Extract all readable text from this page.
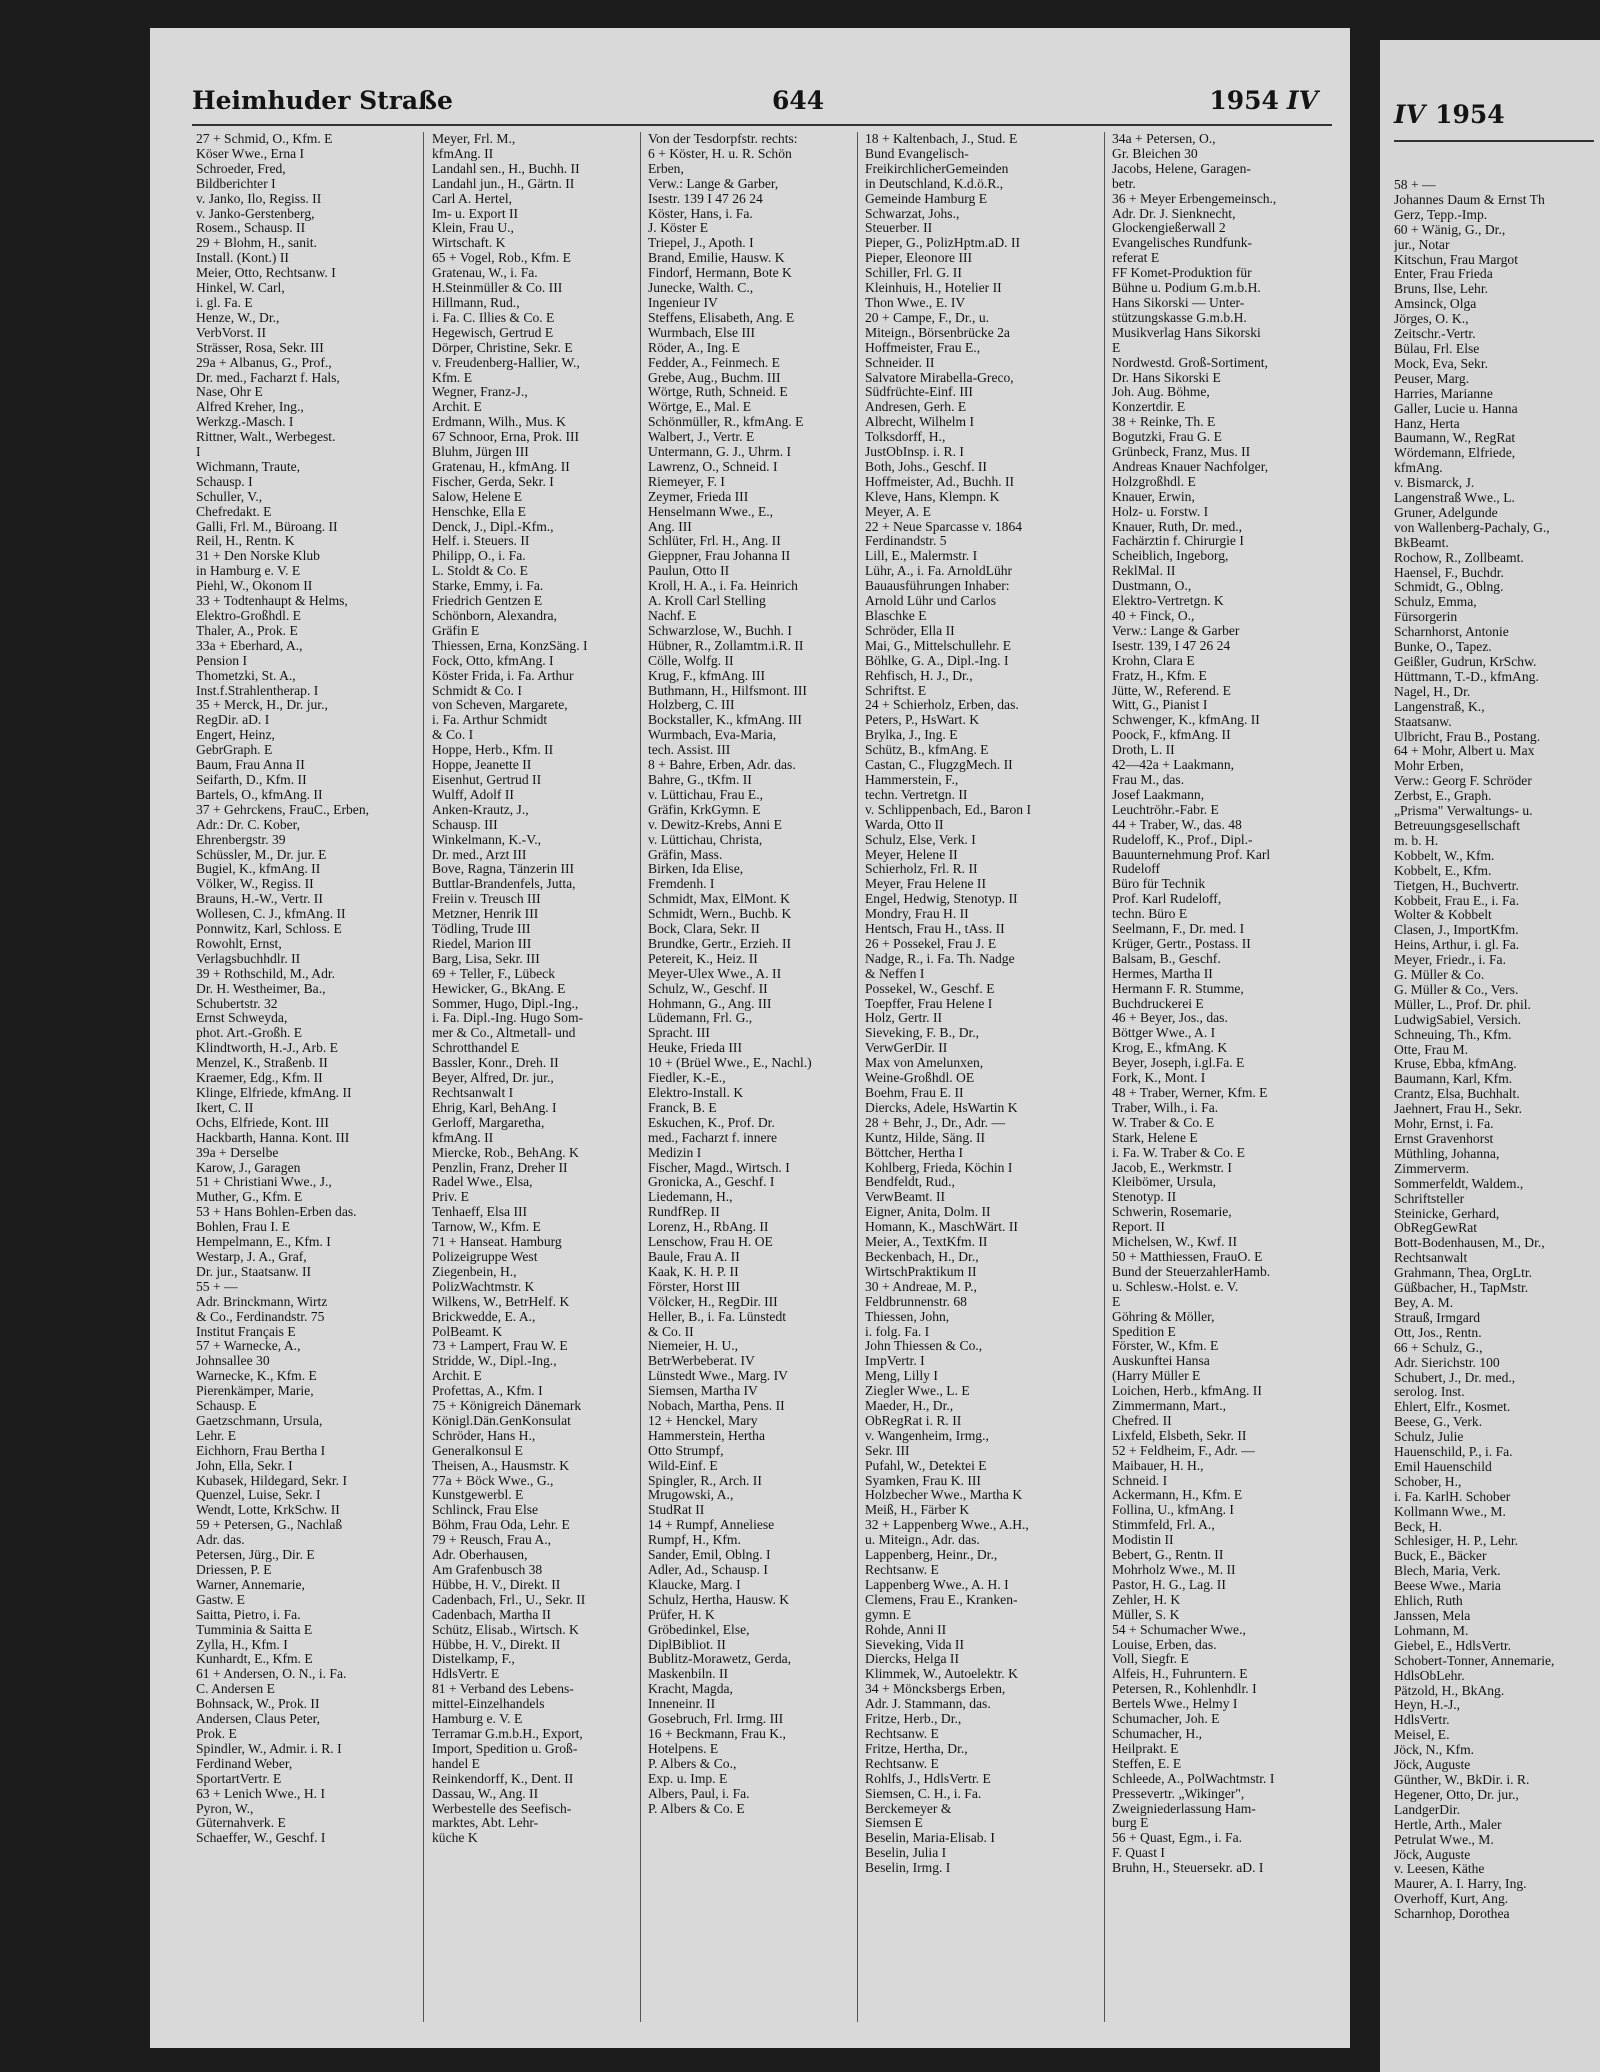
Heimhuder Straße	644	1954 IV
27 + Schmid, O., Kfm. E
Köser Wwe., Erna I
Schroeder, Fred,
Bildberichter I
v. Janko, Ilo, Regiss. II
v. Janko-Gerstenberg,
Rosem., Schausp. II
29 + Blohm, H., sanit.
Install. (Kont.) II
Meier, Otto, Rechtsanw. I
Hinkel, W. Carl,
i. gl. Fa. E
Henze, W., Dr.,
VerbVorst. II
Strässer, Rosa, Sekr. III
29a + Albanus, G., Prof.,
Dr. med., Facharzt f. Hals,
Nase, Ohr E
Alfred Kreher, Ing.,
Werkzg.-Masch. I
Rittner, Walt., Werbegest.
I
Wichmann, Traute,
Schausp. I
Schuller, V.,
Chefredakt. E
Galli, Frl. M., Büroang. II
Reil, H., Rentn. K
31 + Den Norske Klub
in Hamburg e. V. E
Piehl, W., Okonom II
33 + Todtenhaupt & Helms,
Elektro-Großhdl. E
Thaler, A., Prok. E
33a + Eberhard, A.,
Pension I
Thometzki, St. A.,
Inst.f.Strahlentherap. I
35 + Merck, H., Dr. jur.,
RegDir. aD. I
Engert, Heinz,
GebrGraph. E
Baum, Frau Anna II
Seifarth, D., Kfm. II
Bartels, O., kfmAng. II
37 + Gehrckens, FrauC., Erben,
Adr.: Dr. C. Kober,
Ehrenbergstr. 39
Schüssler, M., Dr. jur. E
Bugiel, K., kfmAng. II
Völker, W., Regiss. II
Brauns, H.-W., Vertr. II
Wollesen, C. J., kfmAng. II
Ponnwitz, Karl, Schloss. E
Rowohlt, Ernst,
Verlagsbuchhdlr. II
39 + Rothschild, M., Adr.
Dr. H. Westheimer, Ba.,
Schubertstr. 32
Ernst Schweyda,
phot. Art.-Großh. E
Klindtworth, H.-J., Arb. E
Menzel, K., Straßenb. II
Kraemer, Edg., Kfm. II
Klinge, Elfriede, kfmAng. II
Ikert, C. II
Ochs, Elfriede, Kont. III
Hackbarth, Hanna. Kont. III
39a + Derselbe
Karow, J., Garagen
51 + Christiani Wwe., J.,
Muther, G., Kfm. E
53 + Hans Bohlen-Erben das.
Bohlen, Frau I. E
Hempelmann, E., Kfm. I
Westarp, J. A., Graf,
Dr. jur., Staatsanw. II
55 + —
Adr. Brinckmann, Wirtz
& Co., Ferdinandstr. 75
Institut Français E
57 + Warnecke, A.,
Johnsallee 30
Warnecke, K., Kfm. E
Pierenkämper, Marie,
Schausp. E
Gaetzschmann, Ursula,
Lehr. E
Eichhorn, Frau Bertha I
John, Ella, Sekr. I
Kubasek, Hildegard, Sekr. I
Quenzel, Luise, Sekr. I
Wendt, Lotte, KrkSchw. II
59 + Petersen, G., Nachlaß
Adr. das.
Petersen, Jürg., Dir. E
Driessen, P. E
Warner, Annemarie,
Gastw. E
Saitta, Pietro, i. Fa.
Tumminia & Saitta E
Zylla, H., Kfm. I
Kunhardt, E., Kfm. E
61 + Andersen, O. N., i. Fa.
C. Andersen E
Bohnsack, W., Prok. II
Andersen, Claus Peter,
Prok. E
Spindler, W., Admir. i. R. I
Ferdinand Weber,
SportartVertr. E
63 + Lenich Wwe., H. I
Pyron, W.,
Güternahverk. E
Schaeffer, W., Geschf. I
Meyer, Frl. M.,
kfmAng. II
Landahl sen., H., Buchh. II
Landahl jun., H., Gärtn. II
Carl A. Hertel,
Im- u. Export II
Klein, Frau U.,
Wirtschaft. K
65 + Vogel, Rob., Kfm. E
Gratenau, W., i. Fa.
H.Steinmüller & Co. III
Hillmann, Rud.,
i. Fa. C. Illies & Co. E
Hegewisch, Gertrud E
Dörper, Christine, Sekr. E
v. Freudenberg-Hallier, W.,
Kfm. E
Wegner, Franz-J.,
Archit. E
Erdmann, Wilh., Mus. K
67 Schnoor, Erna, Prok. III
Bluhm, Jürgen III
Gratenau, H., kfmAng. II
Fischer, Gerda, Sekr. I
Salow, Helene E
Henschke, Ella E
Denck, J., Dipl.-Kfm.,
Helf. i. Steuers. II
Philipp, O., i. Fa.
L. Stoldt & Co. E
Starke, Emmy, i. Fa.
Friedrich Gentzen E
Schönborn, Alexandra,
Gräfin E
Thiessen, Erna, KonzSäng. I
Fock, Otto, kfmAng. I
Köster Frida, i. Fa. Arthur
Schmidt & Co. I
von Scheven, Margarete,
i. Fa. Arthur Schmidt
& Co. I
Hoppe, Herb., Kfm. II
Hoppe, Jeanette II
Eisenhut, Gertrud II
Wulff, Adolf II
Anken-Krautz, J.,
Schausp. III
Winkelmann, K.-V.,
Dr. med., Arzt III
Bove, Ragna, Tänzerin III
Buttlar-Brandenfels, Jutta,
Freiin v. Treusch III
Metzner, Henrik III
Tödling, Trude III
Riedel, Marion III
Barg, Lisa, Sekr. III
69 + Teller, F., Lübeck
Hewicker, G., BkAng. E
Sommer, Hugo, Dipl.-Ing.,
i. Fa. Dipl.-Ing. Hugo Som-
mer & Co., Altmetall- und
Schrotthandel E
Bassler, Konr., Dreh. II
Beyer, Alfred, Dr. jur.,
Rechtsanwalt I
Ehrig, Karl, BehAng. I
Gerloff, Margaretha,
kfmAng. II
Miercke, Rob., BehAng. K
Penzlin, Franz, Dreher II
Radel Wwe., Elsa,
Priv. E
Tenhaeff, Elsa III
Tarnow, W., Kfm. E
71 + Hanseat. Hamburg
Polizeigruppe West
Ziegenbein, H.,
PolizWachtmstr. K
Wilkens, W., BetrHelf. K
Brickwedde, E. A.,
PolBeamt. K
73 + Lampert, Frau W. E
Stridde, W., Dipl.-Ing.,
Archit. E
Profettas, A., Kfm. I
75 + Königreich Dänemark
Königl.Dän.GenKonsulat
Schröder, Hans H.,
Generalkonsul E
Theisen, A., Hausmstr. K
77a + Böck Wwe., G.,
Kunstgewerbl. E
Schlinck, Frau Else
Böhm, Frau Oda, Lehr. E
79 + Reusch, Frau A.,
Adr. Oberhausen,
Am Grafenbusch 38
Hübbe, H. V., Direkt. II
Cadenbach, Frl., U., Sekr. II
Cadenbach, Martha II
Schütz, Elisab., Wirtsch. K
Hübbe, H. V., Direkt. II
Distelkamp, F.,
HdlsVertr. E
81 + Verband des Lebens-
mittel-Einzelhandels
Hamburg e. V. E
Terramar G.m.b.H., Export,
Import, Spedition u. Groß-
handel E
Reinkendorff, K., Dent. II
Dassau, W., Ang. II
Werbestelle des Seefisch-
marktes, Abt. Lehr-
küche K
Von der Tesdorpfstr. rechts:
6 + Köster, H. u. R. Schön
Erben,
Verw.: Lange & Garber,
Isestr. 139 I 47 26 24
Köster, Hans, i. Fa.
J. Köster E
Triepel, J., Apoth. I
Brand, Emilie, Hausw. K
Findorf, Hermann, Bote K
Junecke, Walth. C.,
Ingenieur IV
Steffens, Elisabeth, Ang. E
Wurmbach, Else III
Röder, A., Ing. E
Fedder, A., Feinmech. E
Grebe, Aug., Buchm. III
Wörtge, Ruth, Schneid. E
Wörtge, E., Mal. E
Schönmüller, R., kfmAng. E
Walbert, J., Vertr. E
Untermann, G. J., Uhrm. I
Lawrenz, O., Schneid. I
Riemeyer, F. I
Zeymer, Frieda III
Henselmann Wwe., E.,
Ang. III
Schlüter, Frl. H., Ang. II
Gieppner, Frau Johanna II
Paulun, Otto II
Kroll, H. A., i. Fa. Heinrich
A. Kroll Carl Stelling
Nachf. E
Schwarzlose, W., Buchh. I
Hübner, R., Zollamtm.i.R. II
Cölle, Wolfg. II
Krug, F., kfmAng. III
Buthmann, H., Hilfsmont. III
Holzberg, C. III
Bockstaller, K., kfmAng. III
Wurmbach, Eva-Maria,
tech. Assist. III
8 + Bahre, Erben, Adr. das.
Bahre, G., tKfm. II
v. Lüttichau, Frau E.,
Gräfin, KrkGymn. E
v. Dewitz-Krebs, Anni E
v. Lüttichau, Christa,
Gräfin, Mass.
Birken, Ida Elise,
Fremdenh. I
Schmidt, Max, ElMont. K
Schmidt, Wern., Buchb. K
Bock, Clara, Sekr. II
Brundke, Gertr., Erzieh. II
Petereit, K., Heiz. II
Meyer-Ulex Wwe., A. II
Schulz, W., Geschf. II
Hohmann, G., Ang. III
Lüdemann, Frl. G.,
Spracht. III
Heuke, Frieda III
10 + (Brüel Wwe., E., Nachl.)
Fiedler, K.-E.,
Elektro-Install. K
Franck, B. E
Eskuchen, K., Prof. Dr.
med., Facharzt f. innere
Medizin I
Fischer, Magd., Wirtsch. I
Gronicka, A., Geschf. I
Liedemann, H.,
RundfRep. II
Lorenz, H., RbAng. II
Lenschow, Frau H. OE
Baule, Frau A. II
Kaak, K. H. P. II
Förster, Horst III
Völcker, H., RegDir. III
Heller, B., i. Fa. Lünstedt
& Co. II
Niemeier, H. U.,
BetrWerbeberat. IV
Lünstedt Wwe., Marg. IV
Siemsen, Martha IV
Nobach, Martha, Pens. II
12 + Henckel, Mary
Hammerstein, Hertha
Otto Strumpf,
Wild-Einf. E
Spingler, R., Arch. II
Mrugowski, A.,
StudRat II
14 + Rumpf, Anneliese
Rumpf, H., Kfm.
Sander, Emil, Oblng. I
Adler, Ad., Schausp. I
Klaucke, Marg. I
Schulz, Hertha, Hausw. K
Prüfer, H. K
Gröbedinkel, Else,
DiplBibliot. II
Bublitz-Morawetz, Gerda,
Maskenbiln. II
Kracht, Magda,
Inneneinr. II
Gosebruch, Frl. Irmg. III
16 + Beckmann, Frau K.,
Hotelpens. E
P. Albers & Co.,
Exp. u. Imp. E
Albers, Paul, i. Fa.
P. Albers & Co. E
18 + Kaltenbach, J., Stud. E
Bund Evangelisch-
FreikirchlicherGemeinden
in Deutschland, K.d.ö.R.,
Gemeinde Hamburg E
Schwarzat, Johs.,
Steuerber. II
Pieper, G., PolizHptm.aD. II
Pieper, Eleonore III
Schiller, Frl. G. II
Kleinhuis, H., Hotelier II
Thon Wwe., E. IV
20 + Campe, F., Dr., u.
Miteign., Börsenbrücke 2a
Hoffmeister, Frau E.,
Schneider. II
Salvatore Mirabella-Greco,
Südfrüchte-Einf. III
Andresen, Gerh. E
Albrecht, Wilhelm I
Tolksdorff, H.,
JustObInsp. i. R. I
Both, Johs., Geschf. II
Hoffmeister, Ad., Buchh. II
Kleve, Hans, Klempn. K
Meyer, A. E
22 + Neue Sparcasse v. 1864
Ferdinandstr. 5
Lill, E., Malermstr. I
Lühr, A., i. Fa. ArnoldLühr
Bauausführungen Inhaber:
Arnold Lühr und Carlos
Blaschke E
Schröder, Ella II
Mai, G., Mittelschullehr. E
Böhlke, G. A., Dipl.-Ing. I
Rehfisch, H. J., Dr.,
Schriftst. E
24 + Schierholz, Erben, das.
Peters, P., HsWart. K
Brylka, J., Ing. E
Schütz, B., kfmAng. E
Castan, C., FlugzgMech. II
Hammerstein, F.,
techn. Vertretgn. II
v. Schlippenbach, Ed., Baron I
Warda, Otto II
Schulz, Else, Verk. I
Meyer, Helene II
Schierholz, Frl. R. II
Meyer, Frau Helene II
Engel, Hedwig, Stenotyp. II
Mondry, Frau H. II
Hentsch, Frau H., tAss. II
26 + Possekel, Frau J. E
Nadge, R., i. Fa. Th. Nadge
& Neffen I
Possekel, W., Geschf. E
Toepffer, Frau Helene I
Holz, Gertr. II
Sieveking, F. B., Dr.,
VerwGerDir. II
Max von Amelunxen,
Weine-Großhdl. OE
Boehm, Frau E. II
Diercks, Adele, HsWartin K
28 + Behr, J., Dr., Adr. —
Kuntz, Hilde, Säng. II
Böttcher, Hertha I
Kohlberg, Frieda, Köchin I
Bendfeldt, Rud.,
VerwBeamt. II
Eigner, Anita, Dolm. II
Homann, K., MaschWärt. II
Meier, A., TextKfm. II
Beckenbach, H., Dr.,
WirtschPraktikum II
30 + Andreae, M. P.,
Feldbrunnenstr. 68
Thiessen, John,
i. folg. Fa. I
John Thiessen & Co.,
ImpVertr. I
Meng, Lilly I
Ziegler Wwe., L. E
Maeder, H., Dr.,
ObRegRat i. R. II
v. Wangenheim, Irmg.,
Sekr. III
Pufahl, W., Detektei E
Syamken, Frau K. III
Holzbecher Wwe., Martha K
Meiß, H., Färber K
32 + Lappenberg Wwe., A.H.,
u. Miteign., Adr. das.
Lappenberg, Heinr., Dr.,
Rechtsanw. E
Lappenberg Wwe., A. H. I
Clemens, Frau E., Kranken-
gymn. E
Rohde, Anni II
Sieveking, Vida II
Diercks, Helga II
Klimmek, W., Autoelektr. K
34 + Möncksbergs Erben,
Adr. J. Stammann, das.
Fritze, Herb., Dr.,
Rechtsanw. E
Fritze, Hertha, Dr.,
Rechtsanw. E
Rohlfs, J., HdlsVertr. E
Siemsen, C. H., i. Fa.
Berckemeyer &
Siemsen E
Beselin, Maria-Elisab. I
Beselin, Julia I
Beselin, Irmg. I
34a + Petersen, O.,
Gr. Bleichen 30
Jacobs, Helene, Garagen-
betr.
36 + Meyer Erbengemeinsch.,
Adr. Dr. J. Sienknecht,
Glockengießerwall 2
Evangelisches Rundfunk-
referat E
FF Komet-Produktion für
Bühne u. Podium G.m.b.H.
Hans Sikorski — Unter-
stützungskasse G.m.b.H.
Musikverlag Hans Sikorski
E
Nordwestd. Groß-Sortiment,
Dr. Hans Sikorski E
Joh. Aug. Böhme,
Konzertdir. E
38 + Reinke, Th. E
Bogutzki, Frau G. E
Grünbeck, Franz, Mus. II
Andreas Knauer Nachfolger,
Holzgroßhdl. E
Knauer, Erwin,
Holz- u. Forstw. I
Knauer, Ruth, Dr. med.,
Fachärztin f. Chirurgie I
Scheiblich, Ingeborg,
ReklMal. II
Dustmann, O.,
Elektro-Vertretgn. K
40 + Finck, O.,
Verw.: Lange & Garber
Isestr. 139, I 47 26 24
Krohn, Clara E
Fratz, H., Kfm. E
Jütte, W., Referend. E
Witt, G., Pianist I
Schwenger, K., kfmAng. II
Poock, F., kfmAng. II
Droth, L. II
42—42a + Laakmann,
Frau M., das.
Josef Laakmann,
Leuchtröhr.-Fabr. E
44 + Traber, W., das. 48
Rudeloff, K., Prof., Dipl.-
Bauunternehmung Prof. Karl
Rudeloff
Büro für Technik
Prof. Karl Rudeloff,
techn. Büro E
Seelmann, F., Dr. med. I
Krüger, Gertr., Postass. II
Balsam, B., Geschf.
Hermes, Martha II
Hermann F. R. Stumme,
Buchdruckerei E
46 + Beyer, Jos., das.
Böttger Wwe., A. I
Krog, E., kfmAng. K
Beyer, Joseph, i.gl.Fa. E
Fork, K., Mont. I
48 + Traber, Werner, Kfm. E
Traber, Wilh., i. Fa.
W. Traber & Co. E
Stark, Helene E
i. Fa. W. Traber & Co. E
Jacob, E., Werkmstr. I
Kleibömer, Ursula,
Stenotyp. II
Schwerin, Rosemarie,
Report. II
Michelsen, W., Kwf. II
50 + Matthiessen, FrauO. E
Bund der SteuerzahlerHamb.
u. Schlesw.-Holst. e. V.
E
Göhring & Möller,
Spedition E
Förster, W., Kfm. E
Auskunftei Hansa
(Harry Müller E
Loichen, Herb., kfmAng. II
Zimmermann, Mart.,
Chefred. II
Lixfeld, Elsbeth, Sekr. II
52 + Feldheim, F., Adr. —
Maibauer, H. H.,
Schneid. I
Ackermann, H., Kfm. E
Follina, U., kfmAng. I
Stimmfeld, Frl. A.,
Modistin II
Bebert, G., Rentn. II
Mohrholz Wwe., M. II
Pastor, H. G., Lag. II
Zehler, H. K
Müller, S. K
54 + Schumacher Wwe.,
Louise, Erben, das.
Voll, Siegfr. E
Alfeis, H., Fuhruntern. E
Petersen, R., Kohlenhdlr. I
Bertels Wwe., Helmy I
Schumacher, Joh. E
Schumacher, H.,
Heilprakt. E
Steffen, E. E
Schleede, A., PolWachtmstr. I
Pressevertr. „Wikinger",
Zweigniederlassung Ham-
burg E
56 + Quast, Egm., i. Fa.
F. Quast I
Bruhn, H., Steuersekr. aD. I
IV 1954
58 + —
Johannes Daum & Ernst Th
Gerz, Tepp.-Imp.
60 + Wänig, G., Dr.,
jur., Notar
Kitschun, Frau Margot
Enter, Frau Frieda
Bruns, Ilse, Lehr.
Amsinck, Olga
Jörges, O. K.,
Zeitschr.-Vertr.
Bülau, Frl. Else
Mock, Eva, Sekr.
Peuser, Marg.
Harries, Marianne
Galler, Lucie u. Hanna
Hanz, Herta
Baumann, W., RegRat
Wördemann, Elfriede,
kfmAng.
v. Bismarck, J.
Langenstraß Wwe., L.
Gruner, Adelgunde
von Wallenberg-Pachaly, G.,
BkBeamt.
Rochow, R., Zollbeamt.
Haensel, F., Buchdr.
Schmidt, G., Oblng.
Schulz, Emma,
Fürsorgerin
Scharnhorst, Antonie
Bunke, O., Tapez.
Geißler, Gudrun, KrSchw.
Hüttmann, T.-D., kfmAng.
Nagel, H., Dr.
Langenstraß, K.,
Staatsanw.
Ulbricht, Frau B., Postang.
64 + Mohr, Albert u. Max
Mohr Erben,
Verw.: Georg F. Schröder
Zerbst, E., Graph.
„Prisma" Verwaltungs- u.
Betreuungsgesellschaft
m. b. H.
Kobbelt, W., Kfm.
Kobbelt, E., Kfm.
Tietgen, H., Buchvertr.
Kobbeit, Frau E., i. Fa.
Wolter & Kobbelt
Clasen, J., ImportKfm.
Heins, Arthur, i. gl. Fa.
Meyer, Friedr., i. Fa.
G. Müller & Co.
G. Müller & Co., Vers.
Müller, L., Prof. Dr. phil.
LudwigSabiel, Versich.
Schneuing, Th., Kfm.
Otte, Frau M.
Kruse, Ebba, kfmAng.
Baumann, Karl, Kfm.
Crantz, Elsa, Buchhalt.
Jaehnert, Frau H., Sekr.
Mohr, Ernst, i. Fa.
Ernst Gravenhorst
Müthling, Johanna,
Zimmerverm.
Sommerfeldt, Waldem.,
Schriftsteller
Steinicke, Gerhard,
ObRegGewRat
Bott-Bodenhausen, M., Dr.,
Rechtsanwalt
Grahmann, Thea, OrgLtr.
Güßbacher, H., TapMstr.
Bey, A. M.
Strauß, Irmgard
Ott, Jos., Rentn.
66 + Schulz, G.,
Adr. Sierichstr. 100
Schubert, J., Dr. med.,
serolog. Inst.
Ehlert, Elfr., Kosmet.
Beese, G., Verk.
Schulz, Julie
Hauenschild, P., i. Fa.
Emil Hauenschild
Schober, H.,
i. Fa. KarlH. Schober
Kollmann Wwe., M.
Beck, H.
Schlesiger, H. P., Lehr.
Buck, E., Bäcker
Blech, Maria, Verk.
Beese Wwe., Maria
Ehlich, Ruth
Janssen, Mela
Lohmann, M.
Giebel, E., HdlsVertr.
Schobert-Tonner, Annemarie,
HdlsObLehr.
Pätzold, H., BkAng.
Heyn, H.-J.,
HdlsVertr.
Meisel, E.
Jöck, N., Kfm.
Jöck, Auguste
Günther, W., BkDir. i. R.
Hegener, Otto, Dr. jur.,
LandgerDir.
Hertle, Arth., Maler
Petrulat Wwe., M.
Jöck, Auguste
v. Leesen, Käthe
Maurer, A. I. Harry, Ing.
Overhoff, Kurt, Ang.
Scharnhop, Dorothea
